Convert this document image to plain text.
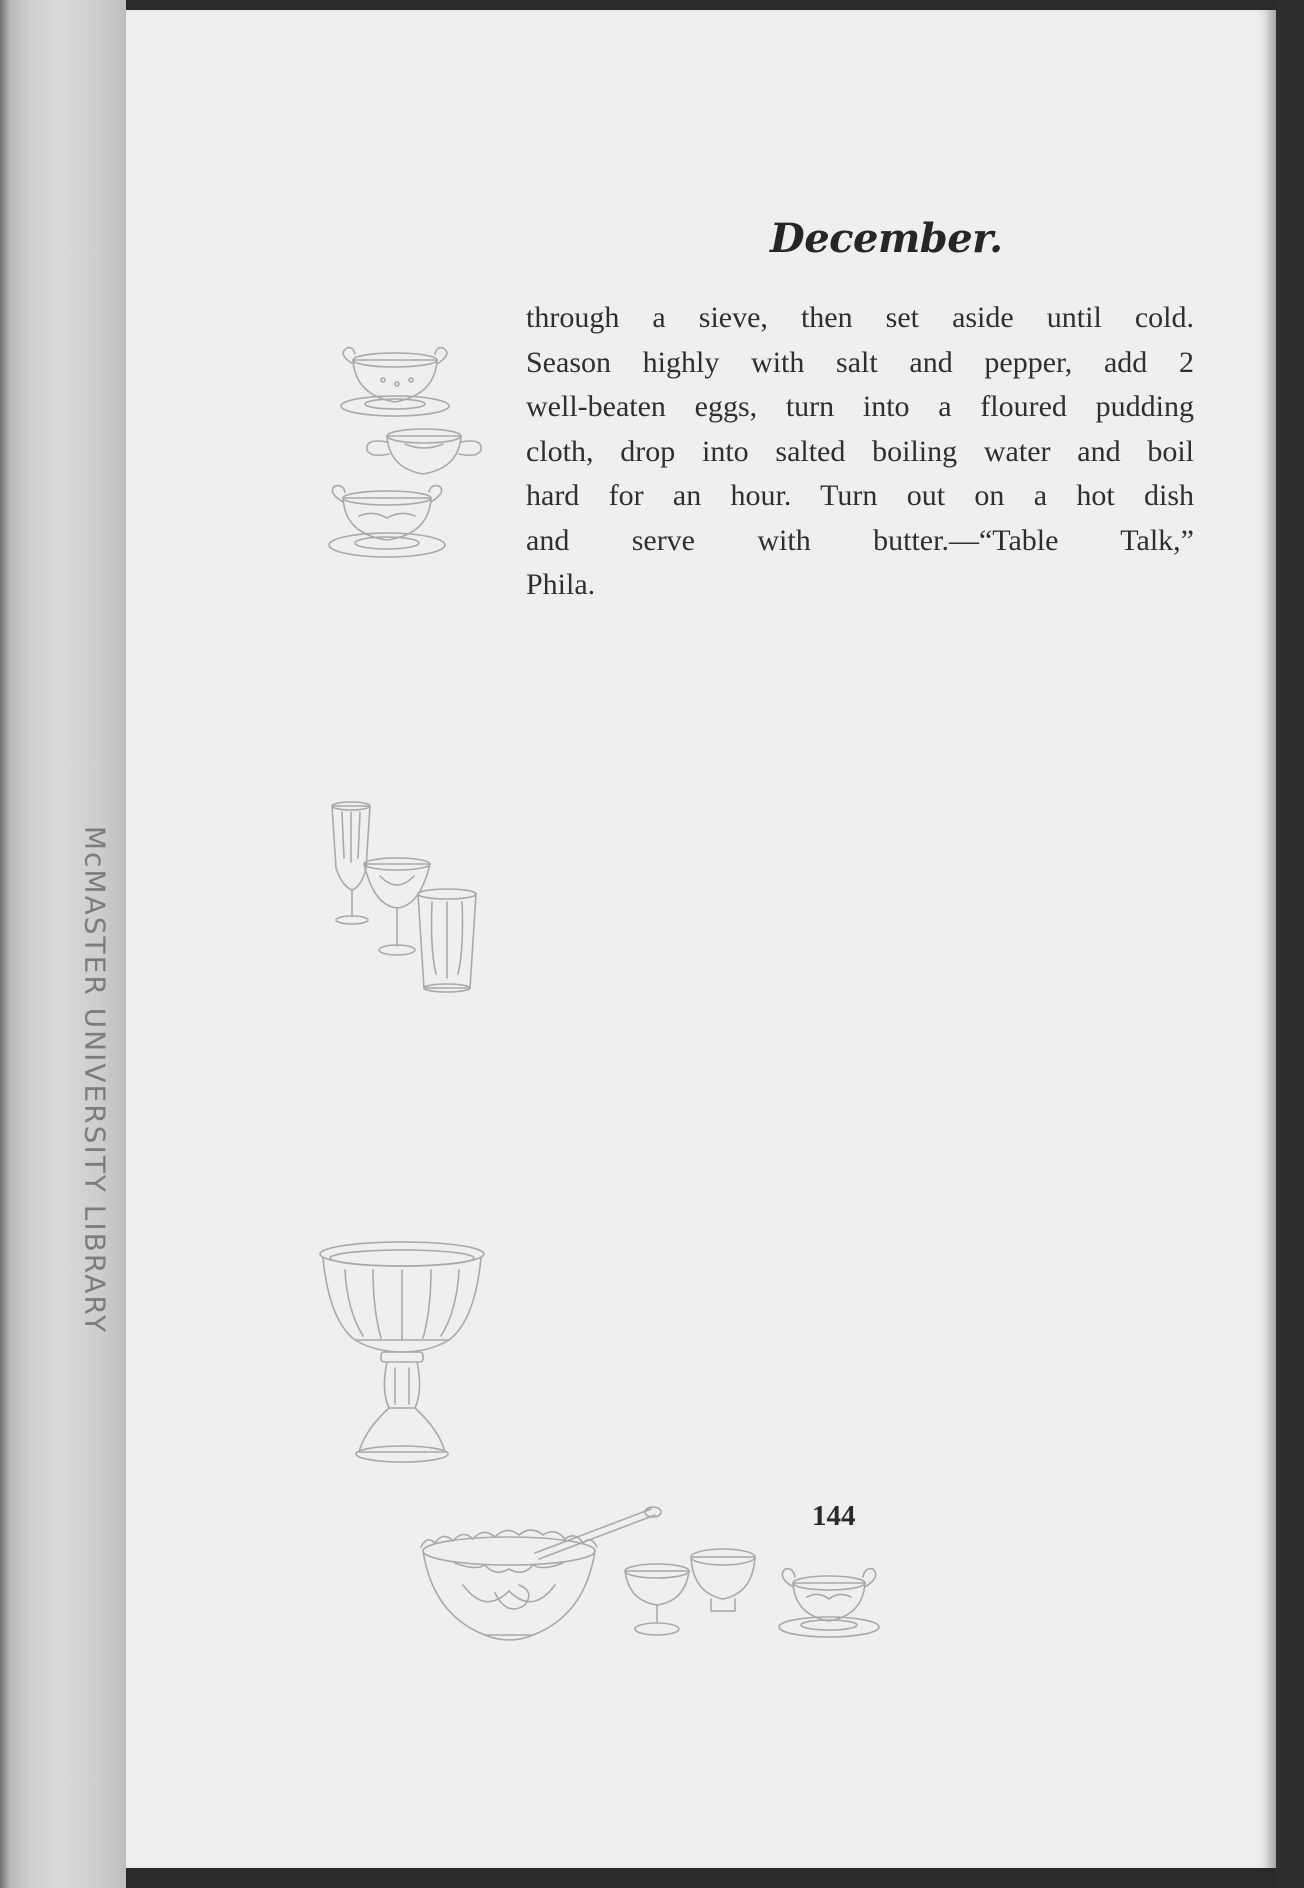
McMASTER UNIVERSITY LIBRARY
December.
through a sieve, then set aside until cold.
Season highly with salt and pepper, add 2
well-beaten eggs, turn into a floured pudding
cloth, drop into salted boiling water and boil
hard for an hour. Turn out on a hot dish
and serve with butter.—“Table Talk,”
Phila.
144
